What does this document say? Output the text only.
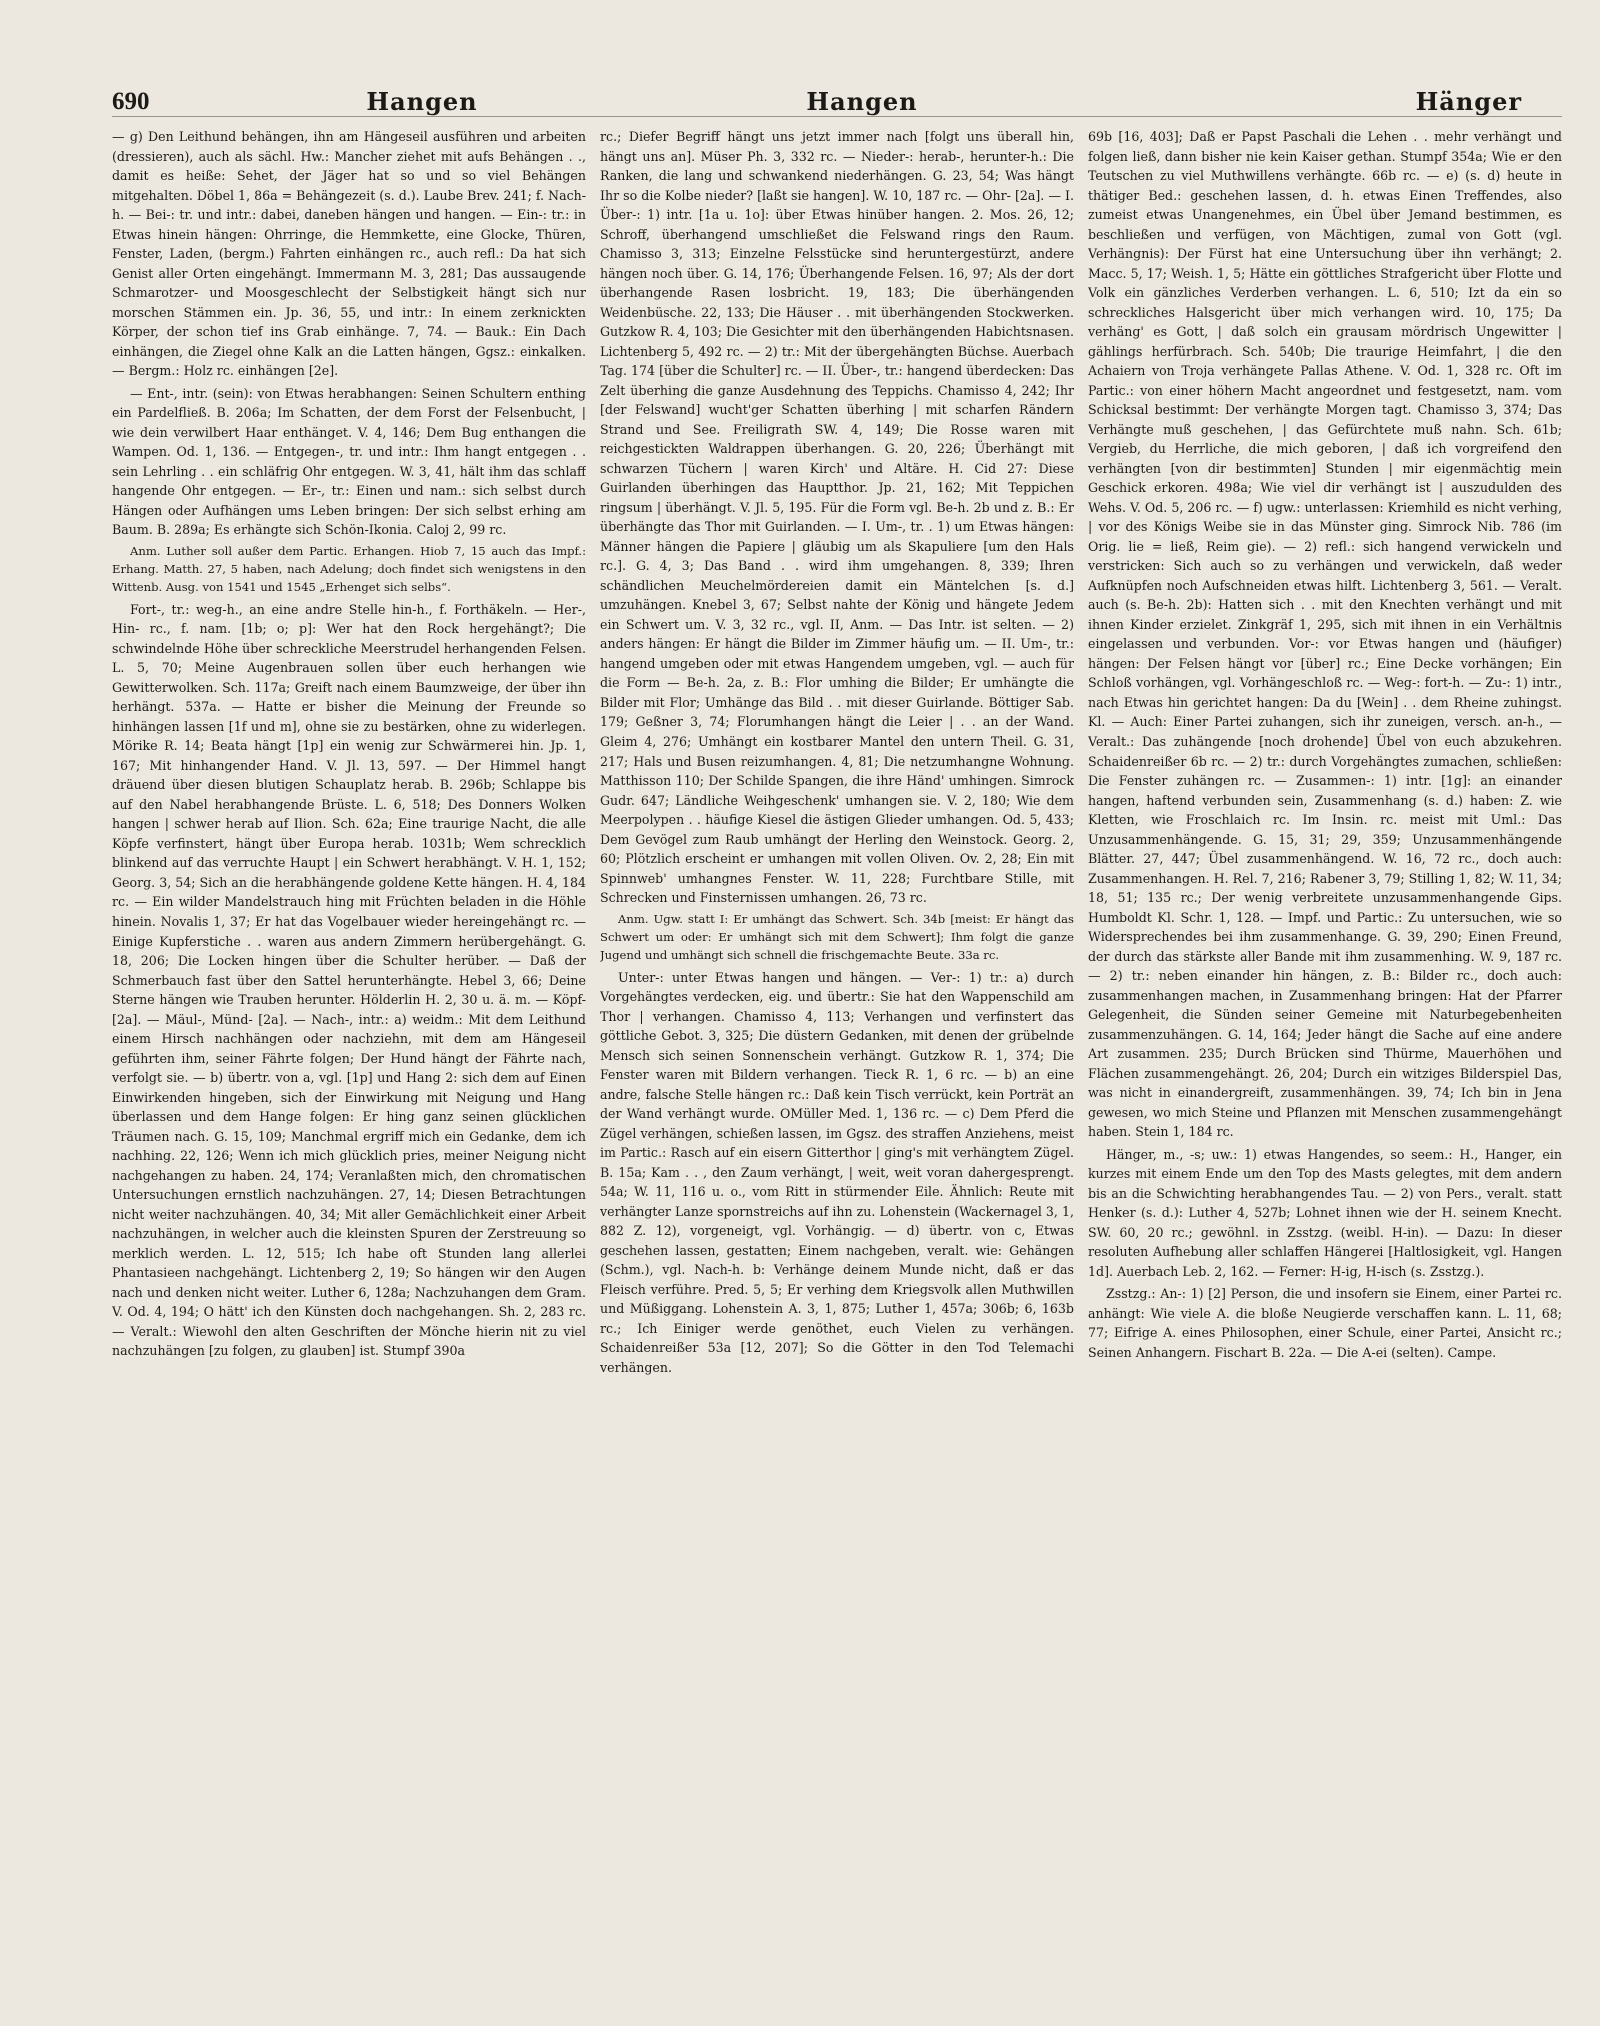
690	Hangen	Hangen	Hänger

— g) Den Leithund behängen, ihn am Hängeseil ausführen und arbeiten (dressieren), auch als sächl. Hw.: Mancher ziehet mit aufs Behängen . ., damit es heiße: Sehet, der Jäger hat so und so viel Behängen mitgehalten. Döbel 1, 86a = Behängezeit (s. d.). Laube Brev. 241; f. Nach-h. — Bei-: tr. und intr.: dabei, daneben hängen und hangen. — Ein-: tr.: in Etwas hinein hängen: Ohrringe, die Hemmkette, eine Glocke, Thüren, Fenster, Laden, (bergm.) Fahrten einhängen rc., auch refl.: Da hat sich Genist aller Orten eingehängt. Immermann M. 3, 281; Das aussaugende Schmarotzer- und Moosgeschlecht der Selbstigkeit hängt sich nur morschen Stämmen ein. Jp. 36, 55, und intr.: In einem zerknickten Körper, der schon tief ins Grab einhänge. 7, 74. — Bauk.: Ein Dach einhängen, die Ziegel ohne Kalk an die Latten hängen, Ggsz.: einkalken. — Bergm.: Holz rc. einhängen [2e].

— Ent-, intr. (sein): von Etwas herabhangen: Seinen Schultern enthing ein Pardelfließ. B. 206a; Im Schatten, der dem Forst der Felsenbucht, | wie dein verwilbert Haar enthänget. V. 4, 146; Dem Bug enthangen die Wampen. Od. 1, 136. — Entgegen-, tr. und intr.: Ihm hangt entgegen . . sein Lehrling . . ein schläfrig Ohr entgegen. W. 3, 41, hält ihm das schlaff hangende Ohr entgegen. — Er-, tr.: Einen und nam.: sich selbst durch Hängen oder Aufhängen ums Leben bringen: Der sich selbst erhing am Baum. B. 289a; Es erhängte sich Schön-Ikonia. Caloj 2, 99 rc.

Anm. Luther soll außer dem Partic. Erhangen. Hiob 7, 15 auch das Impf.: Erhang. Matth. 27, 5 haben, nach Adelung; doch findet sich wenigstens in den Wittenb. Ausg. von 1541 und 1545 „Erhenget sich selbs“.

Fort-, tr.: weg-h., an eine andre Stelle hin-h., f. Forthäkeln. — Her-, Hin- rc., f. nam. [1b; o; p]: Wer hat den Rock hergehängt?; Die schwindelnde Höhe über schreckliche Meerstrudel herhangenden Felsen. L. 5, 70; Meine Augenbrauen sollen über euch herhangen wie Gewitterwolken. Sch. 117a; Greift nach einem Baumzweige, der über ihn herhängt. 537a. — Hatte er bisher die Meinung der Freunde so hinhängen lassen [1f und m], ohne sie zu bestärken, ohne zu widerlegen. Mörike R. 14; Beata hängt [1p] ein wenig zur Schwärmerei hin. Jp. 1, 167; Mit hinhangender Hand. V. Jl. 13, 597. — Der Himmel hangt dräuend über diesen blutigen Schauplatz herab. B. 296b; Schlappe bis auf den Nabel herabhangende Brüste. L. 6, 518; Des Donners Wolken hangen | schwer herab auf Ilion. Sch. 62a; Eine traurige Nacht, die alle Köpfe verfinstert, hängt über Europa herab. 1031b; Wem schrecklich blinkend auf das verruchte Haupt | ein Schwert herabhängt. V. H. 1, 152; Georg. 3, 54; Sich an die herabhängende goldene Kette hängen. H. 4, 184 rc. — Ein wilder Mandelstrauch hing mit Früchten beladen in die Höhle hinein. Novalis 1, 37; Er hat das Vogelbauer wieder hereingehängt rc. — Einige Kupferstiche . . waren aus andern Zimmern herübergehängt. G. 18, 206; Die Locken hingen über die Schulter herüber. — Daß der Schmerbauch fast über den Sattel herunterhängte. Hebel 3, 66; Deine Sterne hängen wie Trauben herunter. Hölderlin H. 2, 30 u. ä. m. — Köpf- [2a]. — Mäul-, Münd- [2a]. — Nach-, intr.: a) weidm.: Mit dem Leithund einem Hirsch nachhängen oder nachziehn, mit dem am Hängeseil geführten ihm, seiner Fährte folgen; Der Hund hängt der Fährte nach, verfolgt sie. — b) übertr. von a, vgl. [1p] und Hang 2: sich dem auf Einen Einwirkenden hingeben, sich der Einwirkung mit Neigung und Hang überlassen und dem Hange folgen: Er hing ganz seinen glücklichen Träumen nach. G. 15, 109; Manchmal ergriff mich ein Gedanke, dem ich nachhing. 22, 126; Wenn ich mich glücklich pries, meiner Neigung nicht nachgehangen zu haben. 24, 174; Veranlaßten mich, den chromatischen Untersuchungen ernstlich nachzuhängen. 27, 14; Diesen Betrachtungen nicht weiter nachzuhängen. 40, 34; Mit aller Gemächlichkeit einer Arbeit nachzuhängen, in welcher auch die kleinsten Spuren der Zerstreuung so merklich werden. L. 12, 515; Ich habe oft Stunden lang allerlei Phantasieen nachgehängt. Lichtenberg 2, 19; So hängen wir den Augen nach und denken nicht weiter. Luther 6, 128a; Nachzuhangen dem Gram. V. Od. 4, 194; O hätt' ich den Künsten doch nachgehangen. Sh. 2, 283 rc. — Veralt.: Wiewohl den alten Geschriften der Mönche hierin nit zu viel nachzuhängen [zu folgen, zu glauben] ist. Stumpf 390a

rc.; Diefer Begriff hängt uns jetzt immer nach [folgt uns überall hin, hängt uns an]. Müser Ph. 3, 332 rc. — Nieder-: herab-, herunter-h.: Die Ranken, die lang und schwankend niederhängen. G. 23, 54; Was hängt Ihr so die Kolbe nieder? [laßt sie hangen]. W. 10, 187 rc. — Ohr- [2a]. — I. Über-: 1) intr. [1a u. 1o]: über Etwas hinüber hangen. 2. Mos. 26, 12; Schroff, überhangend umschließet die Felswand rings den Raum. Chamisso 3, 313; Einzelne Felsstücke sind heruntergestürzt, andere hängen noch über. G. 14, 176; Überhangende Felsen. 16, 97; Als der dort überhangende Rasen losbricht. 19, 183; Die überhängenden Weidenbüsche. 22, 133; Die Häuser . . mit überhängenden Stockwerken. Gutzkow R. 4, 103; Die Gesichter mit den überhängenden Habichtsnasen. Lichtenberg 5, 492 rc. — 2) tr.: Mit der übergehängten Büchse. Auerbach Tag. 174 [über die Schulter] rc. — II. Über-, tr.: hangend überdecken: Das Zelt überhing die ganze Ausdehnung des Teppichs. Chamisso 4, 242; Ihr [der Felswand] wucht'ger Schatten überhing | mit scharfen Rändern Strand und See. Freiligrath SW. 4, 149; Die Rosse waren mit reichgestickten Waldrappen überhangen. G. 20, 226; Überhängt mit schwarzen Tüchern | waren Kirch' und Altäre. H. Cid 27: Diese Guirlanden überhingen das Hauptthor. Jp. 21, 162; Mit Teppichen ringsum | überhängt. V. Jl. 5, 195. Für die Form vgl. Be-h. 2b und z. B.: Er überhängte das Thor mit Guirlanden. — I. Um-, tr. . 1) um Etwas hängen: Männer hängen die Papiere | gläubig um als Skapuliere [um den Hals rc.]. G. 4, 3; Das Band . . wird ihm umgehangen. 8, 339; Ihren schändlichen Meuchelmördereien damit ein Mäntelchen [s. d.] umzuhängen. Knebel 3, 67; Selbst nahte der König und hängete Jedem ein Schwert um. V. 3, 32 rc., vgl. II, Anm. — Das Intr. ist selten. — 2) anders hängen: Er hängt die Bilder im Zimmer häufig um. — II. Um-, tr.: hangend umgeben oder mit etwas Hangendem umgeben, vgl. — auch für die Form — Be-h. 2a, z. B.: Flor umhing die Bilder; Er umhängte die Bilder mit Flor; Umhänge das Bild . . mit dieser Guirlande. Böttiger Sab. 179; Geßner 3, 74; Florumhangen hängt die Leier | . . an der Wand. Gleim 4, 276; Umhängt ein kostbarer Mantel den untern Theil. G. 31, 217; Hals und Busen reizumhangen. 4, 81; Die netzumhangne Wohnung. Matthisson 110; Der Schilde Spangen, die ihre Händ' umhingen. Simrock Gudr. 647; Ländliche Weihgeschenk' umhangen sie. V. 2, 180; Wie dem Meerpolypen . . häufige Kiesel die ästigen Glieder umhangen. Od. 5, 433; Dem Gevögel zum Raub umhängt der Herling den Weinstock. Georg. 2, 60; Plötzlich erscheint er umhangen mit vollen Oliven. Ov. 2, 28; Ein mit Spinnweb' umhangnes Fenster. W. 11, 228; Furchtbare Stille, mit Schrecken und Finsternissen umhangen. 26, 73 rc.

Anm. Ugw. statt I: Er umhängt das Schwert. Sch. 34b [meist: Er hängt das Schwert um oder: Er umhängt sich mit dem Schwert]; Ihm folgt die ganze Jugend und umhängt sich schnell die frischgemachte Beute. 33a rc.

Unter-: unter Etwas hangen und hängen. — Ver-: 1) tr.: a) durch Vorgehängtes verdecken, eig. und übertr.: Sie hat den Wappenschild am Thor | verhangen. Chamisso 4, 113; Verhangen und verfinstert das göttliche Gebot. 3, 325; Die düstern Gedanken, mit denen der grübelnde Mensch sich seinen Sonnenschein verhängt. Gutzkow R. 1, 374; Die Fenster waren mit Bildern verhangen. Tieck R. 1, 6 rc. — b) an eine andre, falsche Stelle hängen rc.: Daß kein Tisch verrückt, kein Porträt an der Wand verhängt wurde. OMüller Med. 1, 136 rc. — c) Dem Pferd die Zügel verhängen, schießen lassen, im Ggsz. des straffen Anziehens, meist im Partic.: Rasch auf ein eisern Gitterthor | ging's mit verhängtem Zügel. B. 15a; Kam . . , den Zaum verhängt, | weit, weit voran dahergesprengt. 54a; W. 11, 116 u. o., vom Ritt in stürmender Eile. Ähnlich: Reute mit verhängter Lanze spornstreichs auf ihn zu. Lohenstein (Wackernagel 3, 1, 882 Z. 12), vorgeneigt, vgl. Vorhängig. — d) übertr. von c, Etwas geschehen lassen, gestatten; Einem nachgeben, veralt. wie: Gehängen (Schm.), vgl. Nach-h. b: Verhänge deinem Munde nicht, daß er das Fleisch verführe. Pred. 5, 5; Er verhing dem Kriegsvolk allen Muthwillen und Müßiggang. Lohenstein A. 3, 1, 875; Luther 1, 457a; 306b; 6, 163b rc.; Ich Einiger werde genöthet, euch Vielen zu verhängen. Schaidenreißer 53a [12, 207]; So die Götter in den Tod Telemachi verhängen.

69b [16, 403]; Daß er Papst Paschali die Lehen . . mehr verhängt und folgen ließ, dann bisher nie kein Kaiser gethan. Stumpf 354a; Wie er den Teutschen zu viel Muthwillens verhängte. 66b rc. — e) (s. d) heute in thätiger Bed.: geschehen lassen, d. h. etwas Einen Treffendes, also zumeist etwas Unangenehmes, ein Übel über Jemand bestimmen, es beschließen und verfügen, von Mächtigen, zumal von Gott (vgl. Verhängnis): Der Fürst hat eine Untersuchung über ihn verhängt; 2. Macc. 5, 17; Weish. 1, 5; Hätte ein göttliches Strafgericht über Flotte und Volk ein gänzliches Verderben verhangen. L. 6, 510; Izt da ein so schreckliches Halsgericht über mich verhangen wird. 10, 175; Da verhäng' es Gott, | daß solch ein grausam mördrisch Ungewitter | gählings herfürbrach. Sch. 540b; Die traurige Heimfahrt, | die den Achaiern von Troja verhängete Pallas Athene. V. Od. 1, 328 rc. Oft im Partic.: von einer höhern Macht angeordnet und festgesetzt, nam. vom Schicksal bestimmt: Der verhängte Morgen tagt. Chamisso 3, 374; Das Verhängte muß geschehen, | das Gefürchtete muß nahn. Sch. 61b; Vergieb, du Herrliche, die mich geboren, | daß ich vorgreifend den verhängten [von dir bestimmten] Stunden | mir eigenmächtig mein Geschick erkoren. 498a; Wie viel dir verhängt ist | auszudulden des Wehs. V. Od. 5, 206 rc. — f) ugw.: unterlassen: Kriemhild es nicht verhing, | vor des Königs Weibe sie in das Münster ging. Simrock Nib. 786 (im Orig. lie = ließ, Reim gie). — 2) refl.: sich hangend verwickeln und verstricken: Sich auch so zu verhängen und verwickeln, daß weder Aufknüpfen noch Aufschneiden etwas hilft. Lichtenberg 3, 561. — Veralt. auch (s. Be-h. 2b): Hatten sich . . mit den Knechten verhängt und mit ihnen Kinder erzielet. Zinkgräf 1, 295, sich mit ihnen in ein Verhältnis eingelassen und verbunden. Vor-: vor Etwas hangen und (häufiger) hängen: Der Felsen hängt vor [über] rc.; Eine Decke vorhängen; Ein Schloß vorhängen, vgl. Vorhängeschloß rc. — Weg-: fort-h. — Zu-: 1) intr., nach Etwas hin gerichtet hangen: Da du [Wein] . . dem Rheine zuhingst. Kl. — Auch: Einer Partei zuhangen, sich ihr zuneigen, versch. an-h., — Veralt.: Das zuhängende [noch drohende] Übel von euch abzukehren. Schaidenreißer 6b rc. — 2) tr.: durch Vorgehängtes zumachen, schließen: Die Fenster zuhängen rc. — Zusammen-: 1) intr. [1g]: an einander hangen, haftend verbunden sein, Zusammenhang (s. d.) haben: Z. wie Kletten, wie Froschlaich rc. Im Insin. rc. meist mit Uml.: Das Unzusammenhängende. G. 15, 31; 29, 359; Unzusammenhängende Blätter. 27, 447; Übel zusammenhängend. W. 16, 72 rc., doch auch: Zusammenhangen. H. Rel. 7, 216; Rabener 3, 79; Stilling 1, 82; W. 11, 34; 18, 51; 135 rc.; Der wenig verbreitete unzusammenhangende Gips. Humboldt Kl. Schr. 1, 128. — Impf. und Partic.: Zu untersuchen, wie so Widersprechendes bei ihm zusammenhange. G. 39, 290; Einen Freund, der durch das stärkste aller Bande mit ihm zusammenhing. W. 9, 187 rc. — 2) tr.: neben einander hin hängen, z. B.: Bilder rc., doch auch: zusammenhangen machen, in Zusammenhang bringen: Hat der Pfarrer Gelegenheit, die Sünden seiner Gemeine mit Naturbegebenheiten zusammenzuhängen. G. 14, 164; Jeder hängt die Sache auf eine andere Art zusammen. 235; Durch Brücken sind Thürme, Mauerhöhen und Flächen zusammengehängt. 26, 204; Durch ein witziges Bilderspiel Das, was nicht in einandergreift, zusammenhängen. 39, 74; Ich bin in Jena gewesen, wo mich Steine und Pflanzen mit Menschen zusammengehängt haben. Stein 1, 184 rc.

Hänger, m., -s; uw.: 1) etwas Hangendes, so seem.: H., Hanger, ein kurzes mit einem Ende um den Top des Masts gelegtes, mit dem andern bis an die Schwichting herabhangendes Tau. — 2) von Pers., veralt. statt Henker (s. d.): Luther 4, 527b; Lohnet ihnen wie der H. seinem Knecht. SW. 60, 20 rc.; gewöhnl. in Zsstzg. (weibl. H-in). — Dazu: In dieser resoluten Aufhebung aller schlaffen Hängerei [Haltlosigkeit, vgl. Hangen 1d]. Auerbach Leb. 2, 162. — Ferner: H-ig, H-isch (s. Zsstzg.).

Zsstzg.: An-: 1) [2] Person, die und insofern sie Einem, einer Partei rc. anhängt: Wie viele A. die bloße Neugierde verschaffen kann. L. 11, 68; 77; Eifrige A. eines Philosophen, einer Schule, einer Partei, Ansicht rc.; Seinen Anhangern. Fischart B. 22a. — Die A-ei (selten). Campe.
